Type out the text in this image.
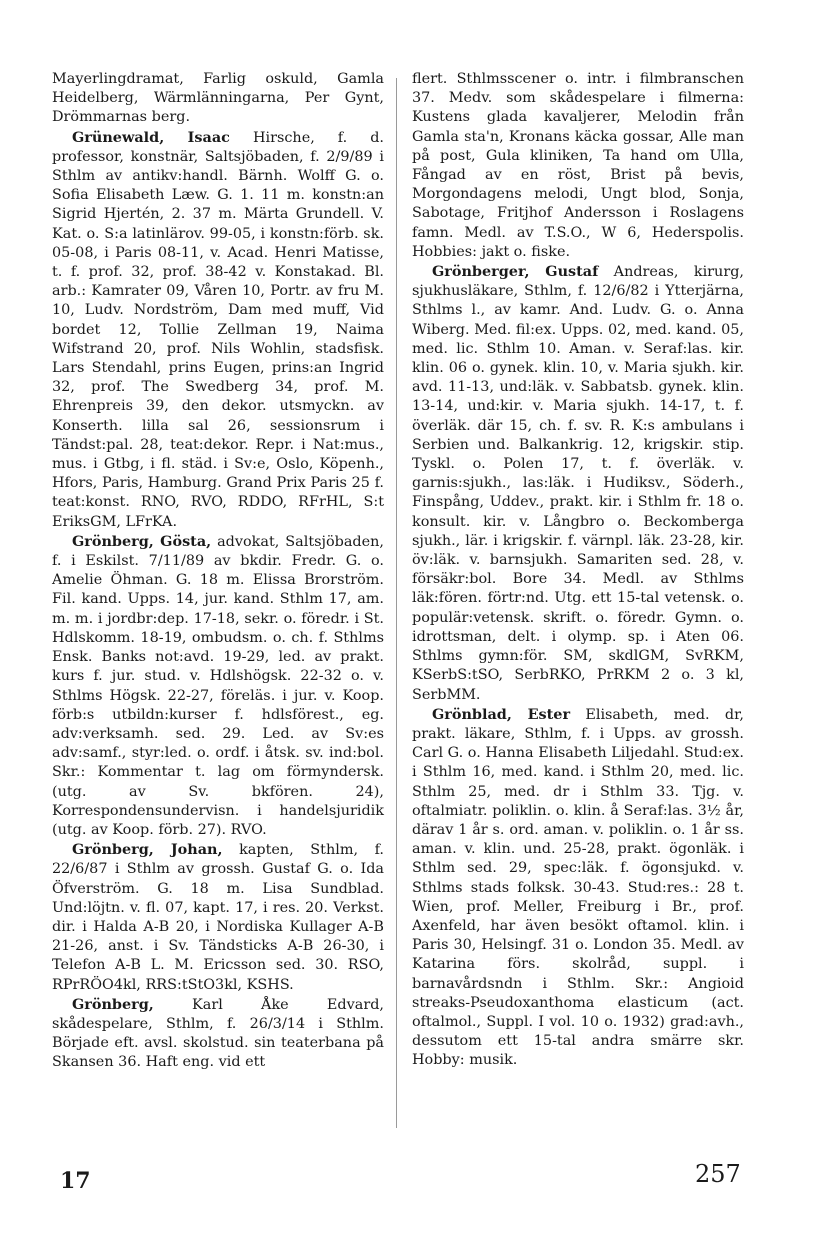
Mayerlingdramat, Farlig oskuld, Gamla Heidelberg, Wärmlänningarna, Per Gynt, Drömmarnas berg.

Grünewald, Isaac Hirsche, f. d. professor, konstnär, Saltsjöbaden, f. 2/9/89 i Sthlm av antikv:handl. Bärnh. Wolff G. o. Sofia Elisabeth Læw. G. 1. 11 m. konstn:an Sigrid Hjertén, 2. 37 m. Märta Grundell. V. Kat. o. S:a latinlärov. 99-05, i konstn:förb. sk. 05-08, i Paris 08-11, v. Acad. Henri Matisse, t. f. prof. 32, prof. 38-42 v. Konstakad. Bl. arb.: Kamrater 09, Våren 10, Portr. av fru M. 10, Ludv. Nordström, Dam med muff, Vid bordet 12, Tollie Zellman 19, Naima Wifstrand 20, prof. Nils Wohlin, stadsfisk. Lars Stendahl, prins Eugen, prins:an Ingrid 32, prof. The Swedberg 34, prof. M. Ehrenpreis 39, den dekor. utsmyckn. av Konserth. lilla sal 26, sessionsrum i Tändst:pal. 28, teat:dekor. Repr. i Nat:mus., mus. i Gtbg, i fl. städ. i Sv:e, Oslo, Köpenh., Hfors, Paris, Hamburg. Grand Prix Paris 25 f. teat:konst. RNO, RVO, RDDO, RFrHL, S:t EriksGM, LFrKA.

Grönberg, Gösta, advokat, Saltsjöbaden, f. i Eskilst. 7/11/89 av bkdir. Fredr. G. o. Amelie Öhman. G. 18 m. Elissa Brorström. Fil. kand. Upps. 14, jur. kand. Sthlm 17, am. m. m. i jordbr:dep. 17-18, sekr. o. föredr. i St. Hdlskomm. 18-19, ombudsm. o. ch. f. Sthlms Ensk. Banks not:avd. 19-29, led. av prakt. kurs f. jur. stud. v. Hdlshögsk. 22-32 o. v. Sthlms Högsk. 22-27, föreläs. i jur. v. Koop. förb:s utbildn:kurser f. hdlsförest., eg. adv:verksamh. sed. 29. Led. av Sv:es adv:samf., styr:led. o. ordf. i åtsk. sv. ind:bol. Skr.: Kommentar t. lag om förmyndersk. (utg. av Sv. bkfören. 24), Korrespondensundervisn. i handelsjuridik (utg. av Koop. förb. 27). RVO.

Grönberg, Johan, kapten, Sthlm, f. 22/6/87 i Sthlm av grossh. Gustaf G. o. Ida Öfverström. G. 18 m. Lisa Sundblad. Und:löjtn. v. fl. 07, kapt. 17, i res. 20. Verkst. dir. i Halda A-B 20, i Nordiska Kullager A-B 21-26, anst. i Sv. Tändsticks A-B 26-30, i Telefon A-B L. M. Ericsson sed. 30. RSO, RPrRÖO4kl, RRS:tStO3kl, KSHS.

Grönberg, Karl Åke Edvard, skådespelare, Sthlm, f. 26/3/14 i Sthlm. Började eft. avsl. skolstud. sin teaterbana på Skansen 36. Haft eng. vid ett

flert. Sthlmsscener o. intr. i filmbranschen 37. Medv. som skådespelare i filmerna: Kustens glada kavaljerer, Melodin från Gamla sta'n, Kronans käcka gossar, Alle man på post, Gula kliniken, Ta hand om Ulla, Fångad av en röst, Brist på bevis, Morgondagens melodi, Ungt blod, Sonja, Sabotage, Fritjhof Andersson i Roslagens famn. Medl. av T.S.O., W 6, Hederspolis. Hobbies: jakt o. fiske.

Grönberger, Gustaf Andreas, kirurg, sjukhusläkare, Sthlm, f. 12/6/82 i Ytterjärna, Sthlms l., av kamr. And. Ludv. G. o. Anna Wiberg. Med. fil:ex. Upps. 02, med. kand. 05, med. lic. Sthlm 10. Aman. v. Seraf:las. kir. klin. 06 o. gynek. klin. 10, v. Maria sjukh. kir. avd. 11-13, und:läk. v. Sabbatsb. gynek. klin. 13-14, und:kir. v. Maria sjukh. 14-17, t. f. överläk. där 15, ch. f. sv. R. K:s ambulans i Serbien und. Balkankrig. 12, krigskir. stip. Tyskl. o. Polen 17, t. f. överläk. v. garnis:sjukh., las:läk. i Hudiksv., Söderh., Finspång, Uddev., prakt. kir. i Sthlm fr. 18 o. konsult. kir. v. Långbro o. Beckomberga sjukh., lär. i krigskir. f. värnpl. läk. 23-28, kir. öv:läk. v. barnsjukh. Samariten sed. 28, v. försäkr:bol. Bore 34. Medl. av Sthlms läk:fören. förtr:nd. Utg. ett 15-tal vetensk. o. populär:vetensk. skrift. o. föredr. Gymn. o. idrottsman, delt. i olymp. sp. i Aten 06. Sthlms gymn:för. SM, skdlGM, SvRKM, KSerbS:tSO, SerbRKO, PrRKM 2 o. 3 kl, SerbMM.

Grönblad, Ester Elisabeth, med. dr, prakt. läkare, Sthlm, f. i Upps. av grossh. Carl G. o. Hanna Elisabeth Liljedahl. Stud:ex. i Sthlm 16, med. kand. i Sthlm 20, med. lic. Sthlm 25, med. dr i Sthlm 33. Tjg. v. oftalmiatr. poliklin. o. klin. å Seraf:las. 3½ år, därav 1 år s. ord. aman. v. poliklin. o. 1 år ss. aman. v. klin. und. 25-28, prakt. ögonläk. i Sthlm sed. 29, spec:läk. f. ögonsjukd. v. Sthlms stads folksk. 30-43. Stud:res.: 28 t. Wien, prof. Meller, Freiburg i Br., prof. Axenfeld, har även besökt oftamol. klin. i Paris 30, Helsingf. 31 o. London 35. Medl. av Katarina förs. skolråd, suppl. i barnavårdsndn i Sthlm. Skr.: Angioid streaks-Pseudoxanthoma elasticum (act. oftalmol., Suppl. I vol. 10 o. 1932) grad:avh., dessutom ett 15-tal andra smärre skr. Hobby: musik.

17	257
